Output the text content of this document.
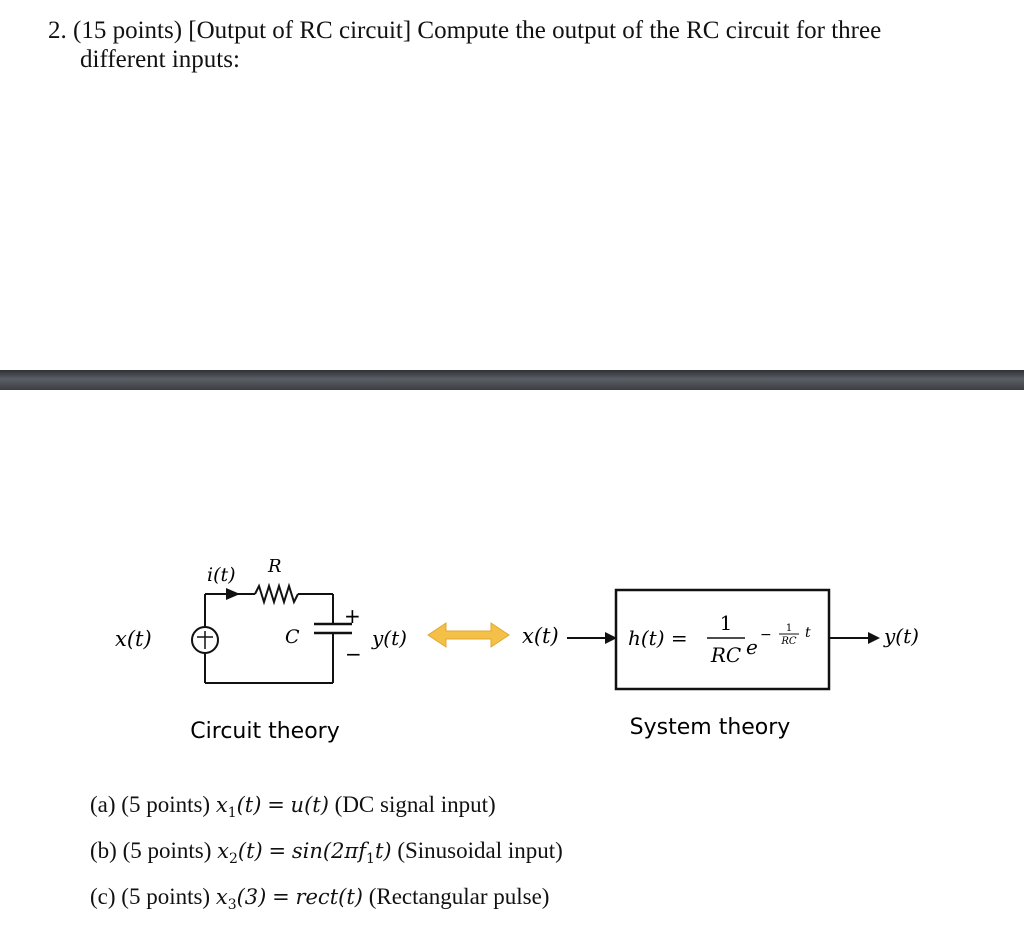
2. (15 points) [Output of RC circuit] Compute the output of the RC circuit for three
different inputs:
x(t)
i(t) R
C
+
−
y(t)
Circuit theory
x(t)	h(t) =
1
RC e − 1
RC
t	y(t)
System theory
(a) (5 points) $x_1(t) = u(t)$ (DC signal input)
(b) (5 points) $x_2(t) = \sin(2\pi f_1t)$ (Sinusoidal input)
(c) (5 points) $x_3(3)$ = rect(t) (Rectangular pulse)
